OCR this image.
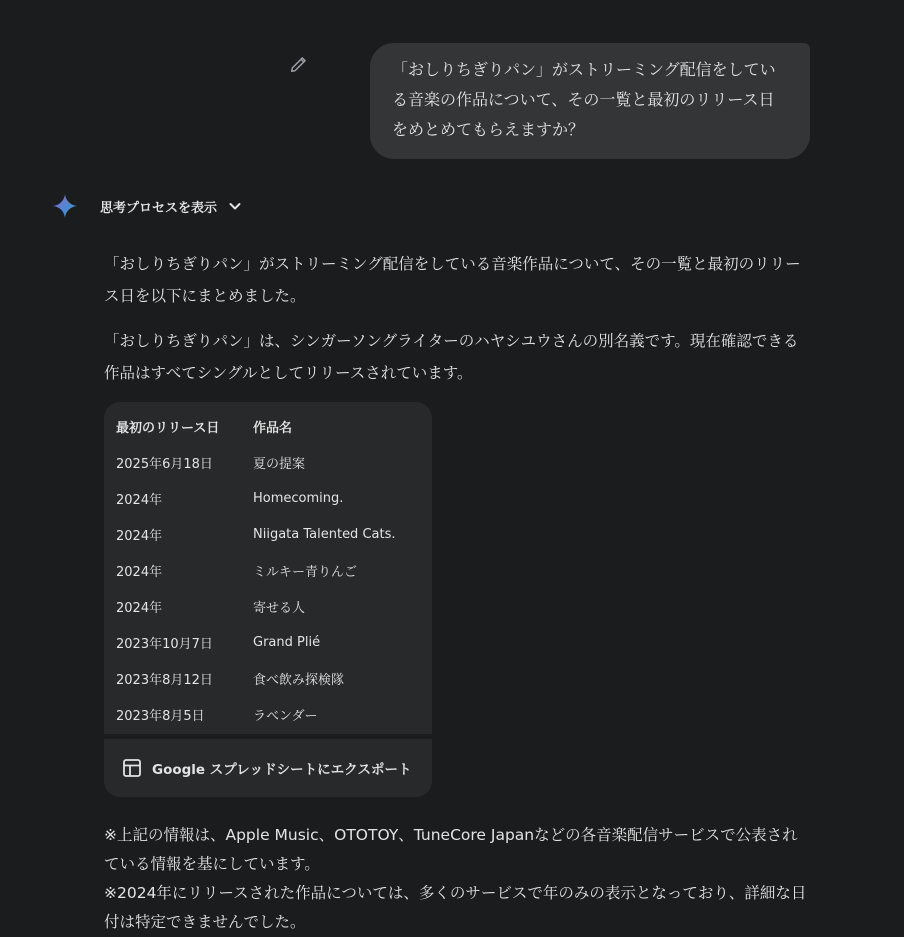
「おしりちぎりパン」がストリーミング配信をしている音楽の作品について、その一覧と最初のリリース日をめとめてもらえますか？
思考プロセスを表示

「おしりちぎりパン」がストリーミング配信をしている音楽作品について、その一覧と最初のリリース日を以下にまとめました。

「おしりちぎりパン」は、シンガーソングライターのハヤシユウさんの別名義です。現在確認できる作品はすべてシングルとしてリリースされています。

最初のリリース日	作品名
2025年6月18日	夏の提案
2024年	Homecoming.
2024年	Niigata Talented Cats.
2024年	ミルキー青りんご
2024年	寄せる人
2023年10月7日	Grand Plié
2023年8月12日	食べ飲み探検隊
2023年8月5日	ラベンダー
Google スプレッドシートにエクスポート
※上記の情報は、Apple Music、OTOTOY、TuneCore Japanなどの各音楽配信サービスで公表されている情報を基にしています。
※2024年にリリースされた作品については、多くのサービスで年のみの表示となっており、詳細な日付は特定できませんでした。
